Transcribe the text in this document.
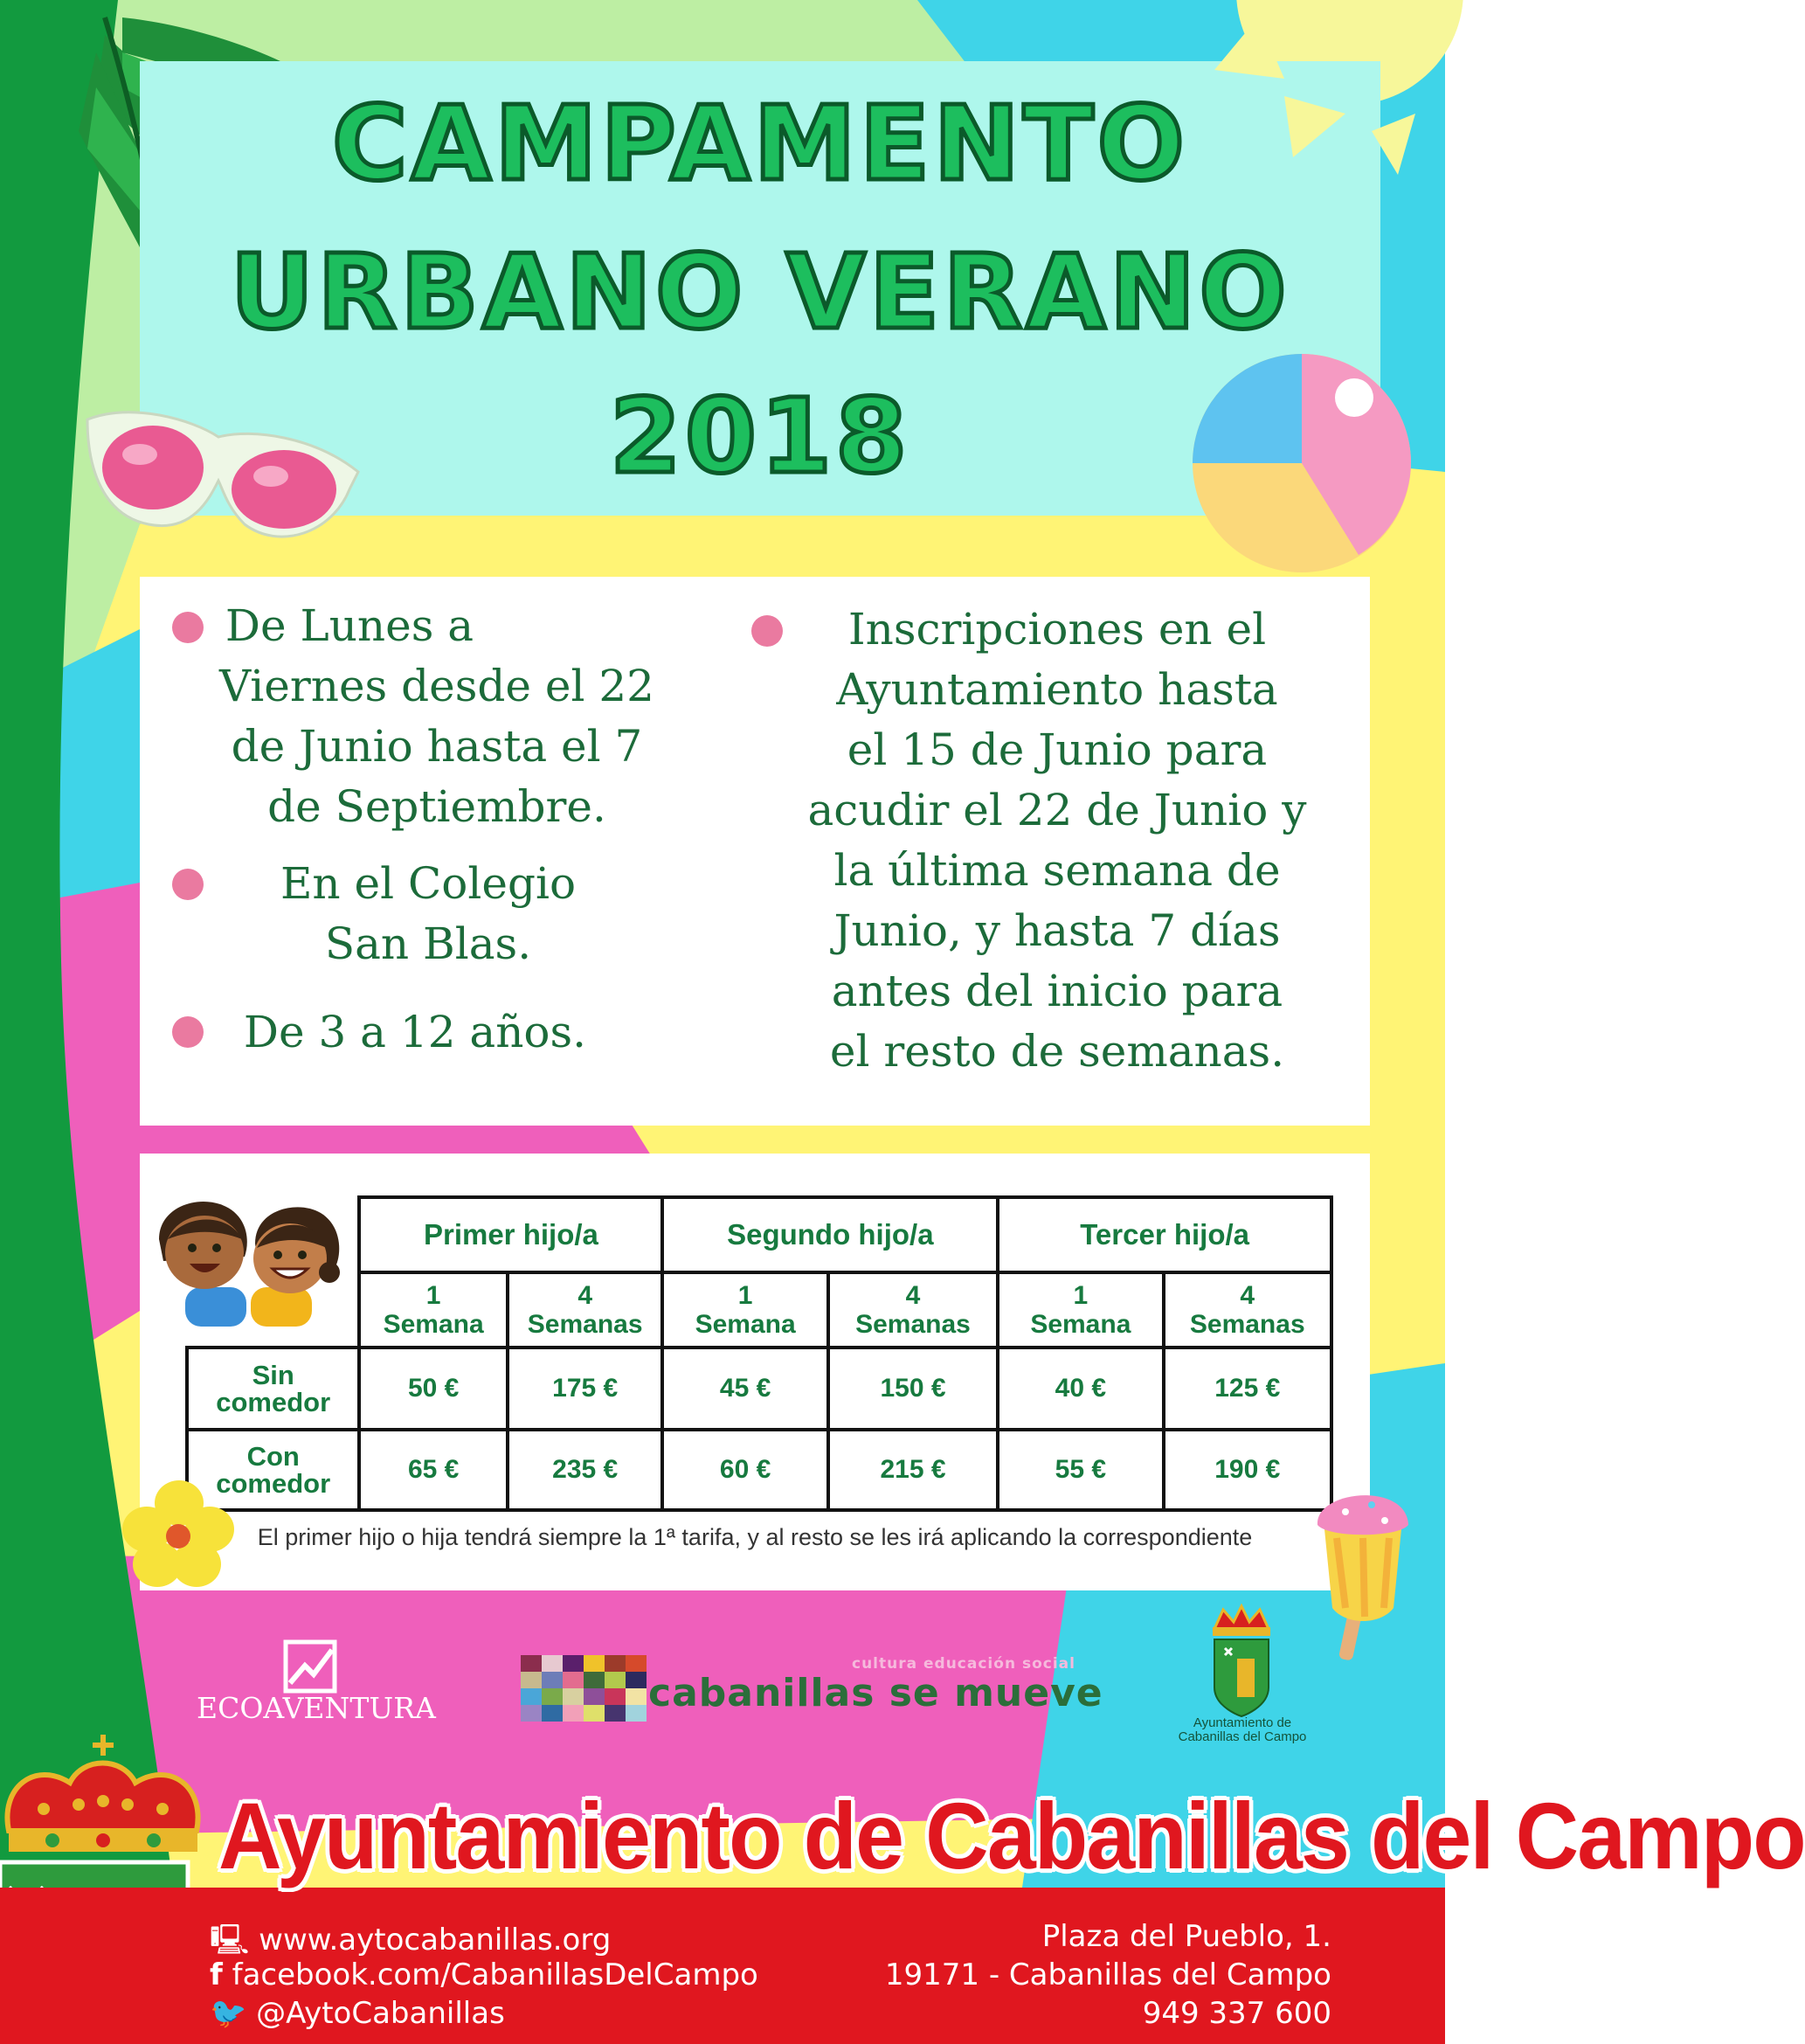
CAMPAMENTO
URBANO VERANO
2018
De Lunes a
Viernes desde el 22
de Junio hasta el 7
de Septiembre.
En el Colegio
San Blas.
De 3 a 12 años.
Inscripciones en el
Ayuntamiento hasta
el 15 de Junio para
acudir el 22 de Junio y
la última semana de
Junio, y hasta 7 días
antes del inicio para
el resto de semanas.
	Primer hijo/a		Segundo hijo/a		Tercer hijo/a	
	1
Semana	4
Semanas	1
Semana	4
Semanas	1
Semana	4
Semanas
Sin
comedor	50 €	175 €	45 €	150 €	40 €	125 €
Con
comedor	65 €	235 €	60 €	215 €	55 €	190 €
El primer hijo o hija tendrá siempre la 1ª tarifa, y al resto se les irá aplicando la correspondiente
ECOAVENTURA
cultura educación social
cabanillas se mueve
Ayuntamiento de
Cabanillas del Campo
Ayuntamiento de Cabanillas del Campo
🖳 www.aytocabanillas.org
f facebook.com/CabanillasDelCampo
🐦 @AytoCabanillas
Plaza del Pueblo, 1.
19171 - Cabanillas del Campo
949 337 600
